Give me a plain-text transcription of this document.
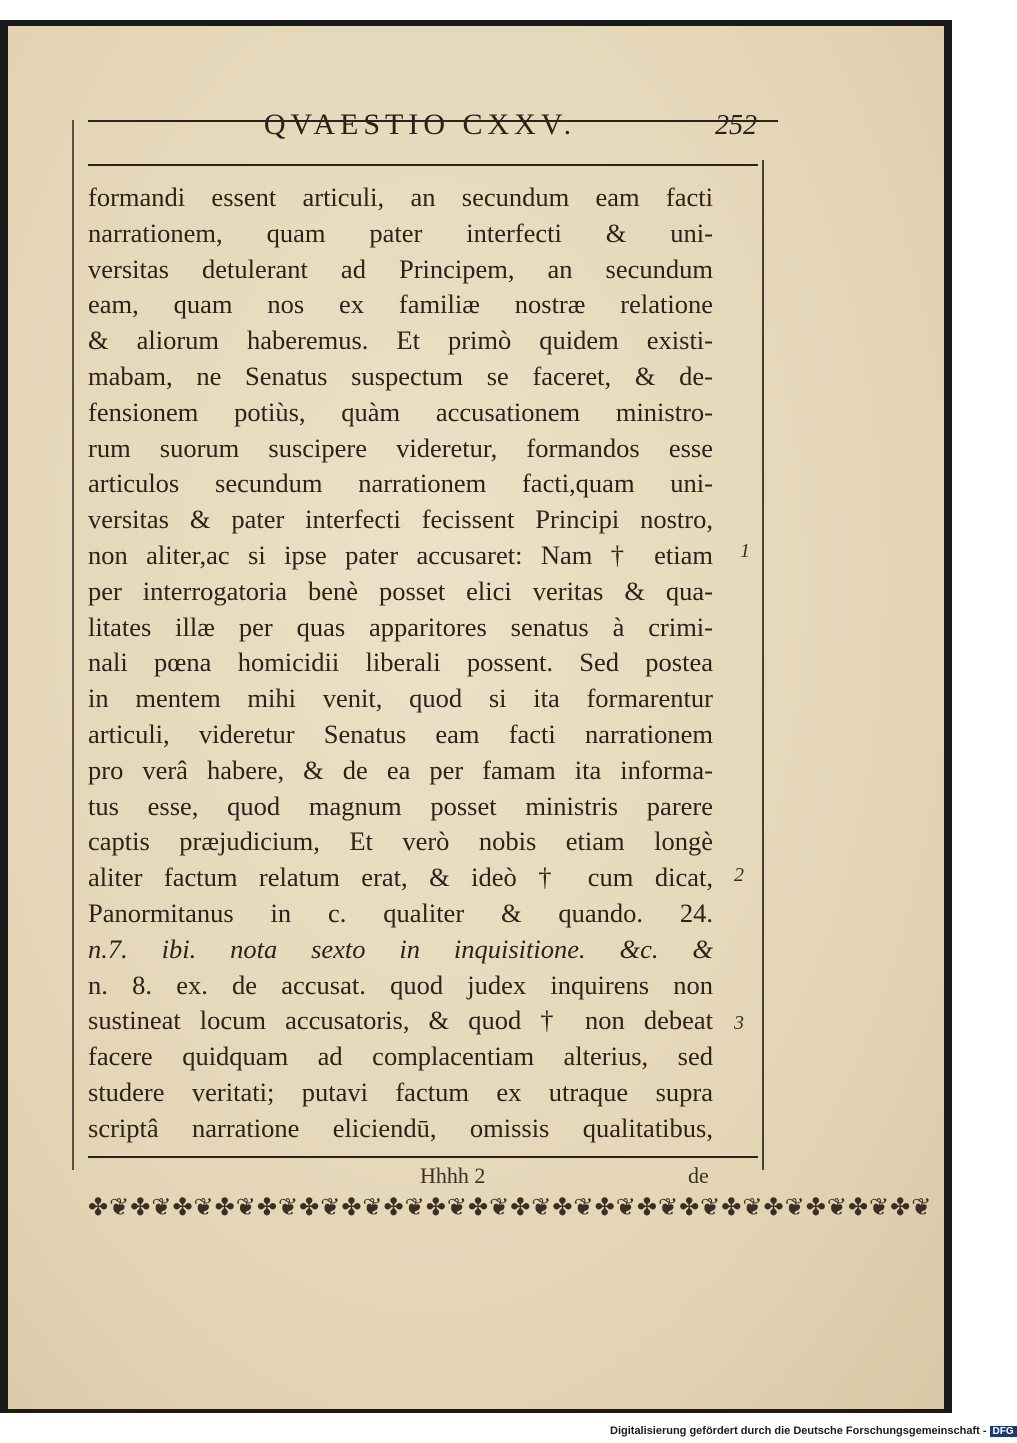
QVAESTIO CXXV.	252
formandi essent articuli, an secundum eam facti
narrationem, quam pater interfecti & uni-
versitas detulerant ad Principem, an secundum
eam, quam nos ex familiæ nostræ relatione
& aliorum haberemus. Et primò quidem existi-
mabam, ne Senatus suspectum se faceret, & de-
fensionem potiùs, quàm accusationem ministro-
rum suorum suscipere videretur, formandos esse
articulos secundum narrationem facti,quam uni-
versitas & pater interfecti fecissent Principi nostro,
non aliter,ac si ipse pater accusaret: Nam † etiam
per interrogatoria benè posset elici veritas & qua-
litates illæ per quas apparitores senatus à crimi-
nali pœna homicidii liberali possent. Sed postea
in mentem mihi venit, quod si ita formarentur
articuli, videretur Senatus eam facti narrationem
pro verâ habere, & de ea per famam ita informa-
tus esse, quod magnum posset ministris parere
captis præjudicium, Et verò nobis etiam longè
aliter factum relatum erat, & ideò † cum dicat,
Panormitanus in c. qualiter & quando. 24.
n.7. ibi. nota sexto in inquisitione. &c. &
n. 8. ex. de accusat. quod judex inquirens non
sustineat locum accusatoris, & quod † non debeat
facere quidquam ad complacentiam alterius, sed
studere veritati; putavi factum ex utraque supra
scriptâ narratione eliciendū, omissis qualitatibus,
1
2
3
Hhhh 2	de
✤❦✤❦✤❦✤❦✤❦✤❦✤❦✤❦✤❦✤❦✤❦✤❦✤❦✤❦✤❦✤❦✤❦✤❦✤❦✤❦
Digitalisierung gefördert durch die Deutsche Forschungsgemeinschaft - DFG
